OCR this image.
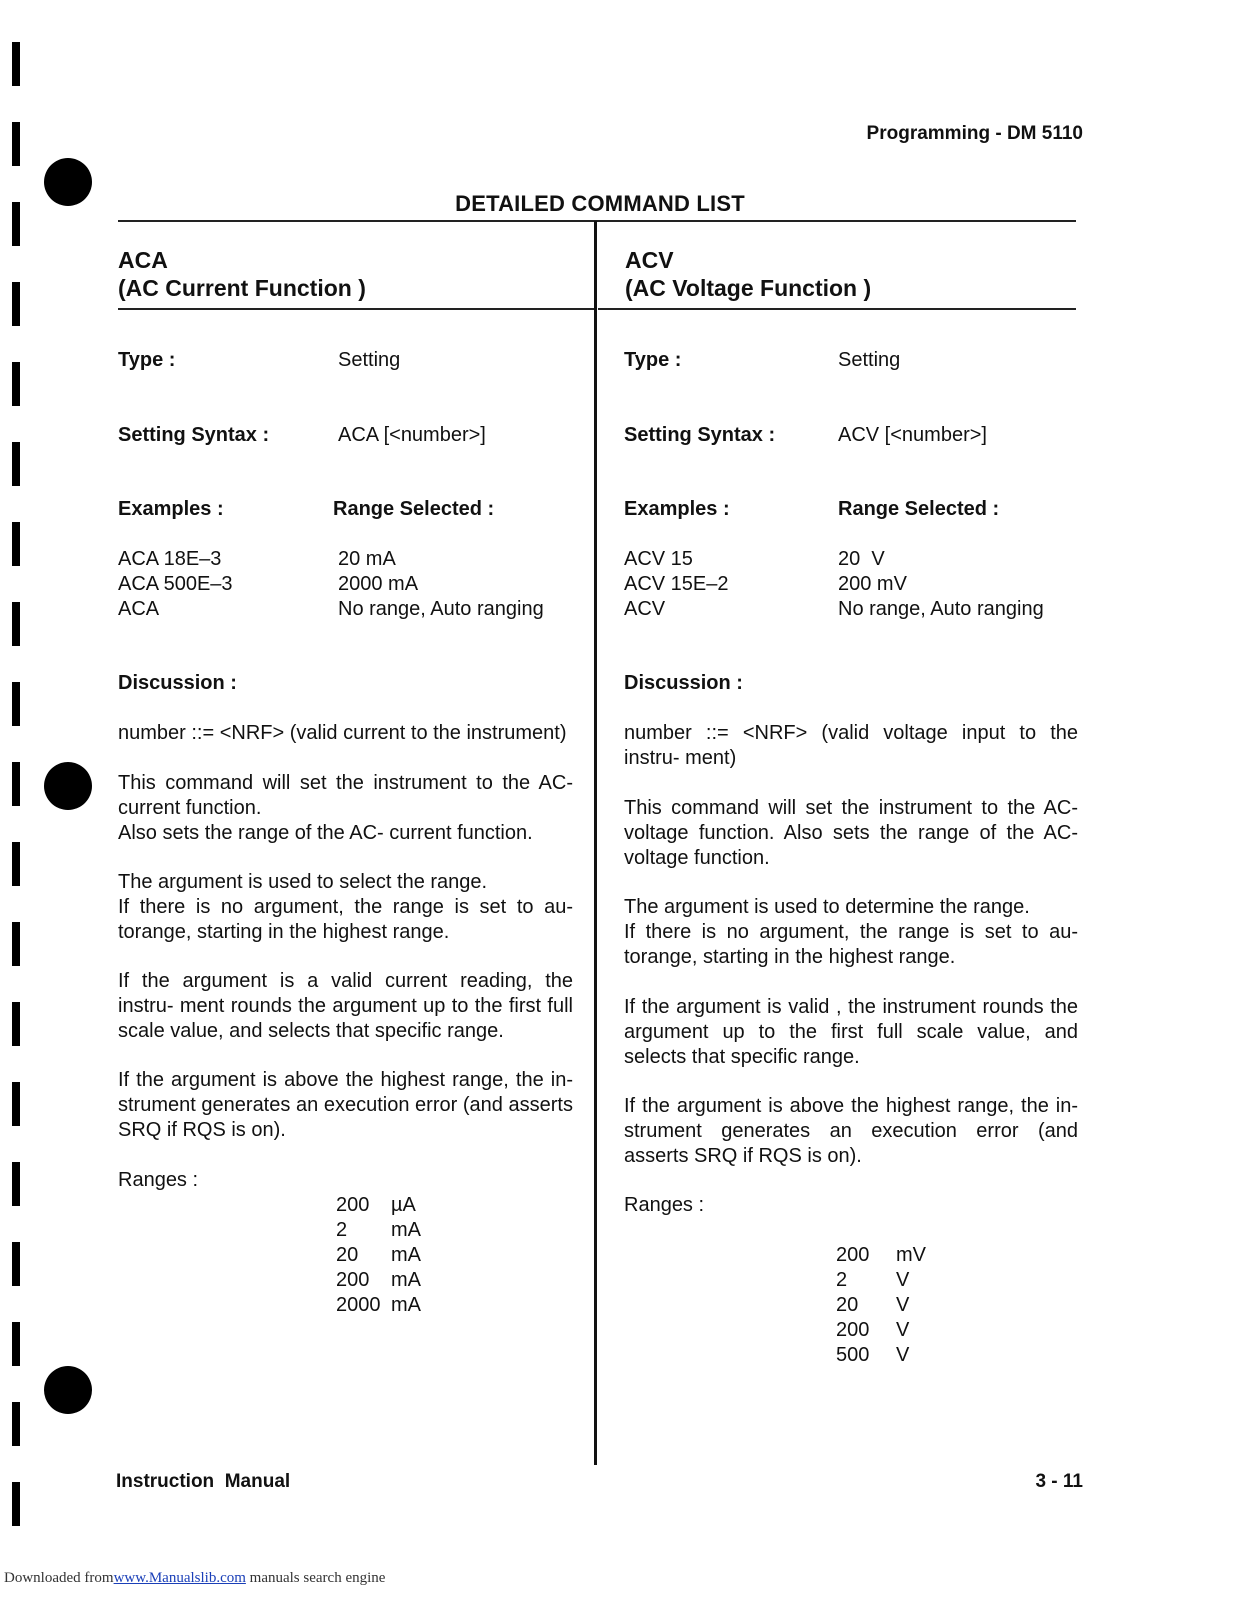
Programming - DM 5110
DETAILED COMMAND LIST
ACA
(AC Current Function )
Type :	Setting
Setting Syntax :	ACA [<number>]
Examples :	Range Selected :
ACA 18E–3	20 mA
ACA 500E–3	2000 mA
ACA	No range, Auto ranging
Discussion :
number ::= <NRF> (valid current to the instrument)
This command will set the instrument to the AC- current function.
Also sets the range of the AC- current function.
The argument is used to select the range.
If there is no argument, the range is set to au- torange, starting in the highest range.
If the argument is a valid current reading, the instru- ment rounds the argument up to the first full scale value, and selects that specific range.
If the argument is above the highest range, the in- strument generates an execution error (and asserts SRQ if RQS is on).
Ranges :
200	µA
2	mA
20	mA
200	mA
2000	mA
ACV
(AC Voltage Function )
Type :	Setting
Setting Syntax :	ACV [<number>]
Examples :	Range Selected :
ACV 15	20  V
ACV 15E–2	200 mV
ACV	No range, Auto ranging
Discussion :
number ::= <NRF> (valid voltage input to the instru- ment)
This command will set the instrument to the AC- voltage function. Also sets the range of the AC- voltage function.
The argument is used to determine the range.
If there is no argument, the range is set to au- torange, starting in the highest range.
If the argument is valid , the instrument rounds the argument up to the first full scale value, and selects that specific range.
If the argument is above the highest range, the in- strument generates an execution error (and asserts SRQ if RQS is on).
Ranges :
200	mV
2	V
20	V
200	V
500	V
Instruction  Manual	3 - 11
Downloaded fromwww.Manualslib.com manuals search engine
